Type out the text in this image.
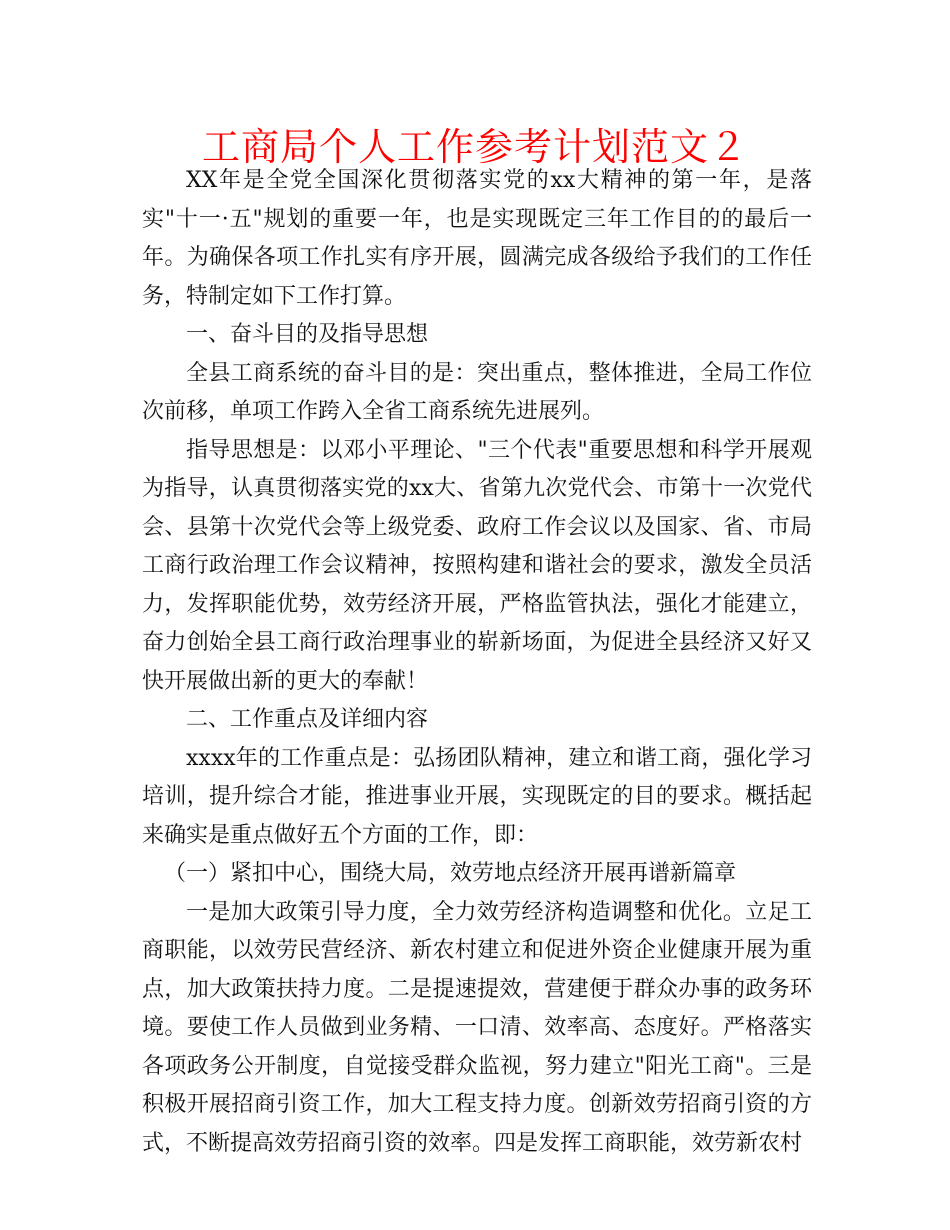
工商局个人工作参考计划范文２

XX年是全党全国深化贯彻落实党的xx大精神的第一年，是落实"十一·五"规划的重要一年，也是实现既定三年工作目的的最后一年。为确保各项工作扎实有序开展，圆满完成各级给予我们的工作任务，特制定如下工作打算。

一、奋斗目的及指导思想

全县工商系统的奋斗目的是：突出重点，整体推进，全局工作位次前移，单项工作跨入全省工商系统先进展列。

指导思想是：以邓小平理论、"三个代表"重要思想和科学开展观为指导，认真贯彻落实党的xx大、省第九次党代会、市第十一次党代会、县第十次党代会等上级党委、政府工作会议以及国家、省、市局工商行政治理工作会议精神，按照构建和谐社会的要求，激发全员活力，发挥职能优势，效劳经济开展，严格监管执法，强化才能建立，奋力创始全县工商行政治理事业的崭新场面，为促进全县经济又好又快开展做出新的更大的奉献！

二、工作重点及详细内容

xxxx年的工作重点是：弘扬团队精神，建立和谐工商，强化学习培训，提升综合才能，推进事业开展，实现既定的目的要求。概括起来确实是重点做好五个方面的工作，即：

（一）紧扣中心，围绕大局，效劳地点经济开展再谱新篇章

一是加大政策引导力度，全力效劳经济构造调整和优化。立足工商职能，以效劳民营经济、新农村建立和促进外资企业健康开展为重点，加大政策扶持力度。二是提速提效，营建便于群众办事的政务环境。要使工作人员做到业务精、一口清、效率高、态度好。严格落实各项政务公开制度，自觉接受群众监视，努力建立"阳光工商"。三是积极开展招商引资工作，加大工程支持力度。创新效劳招商引资的方式，不断提高效劳招商引资的效率。四是发挥工商职能，效劳新农村
